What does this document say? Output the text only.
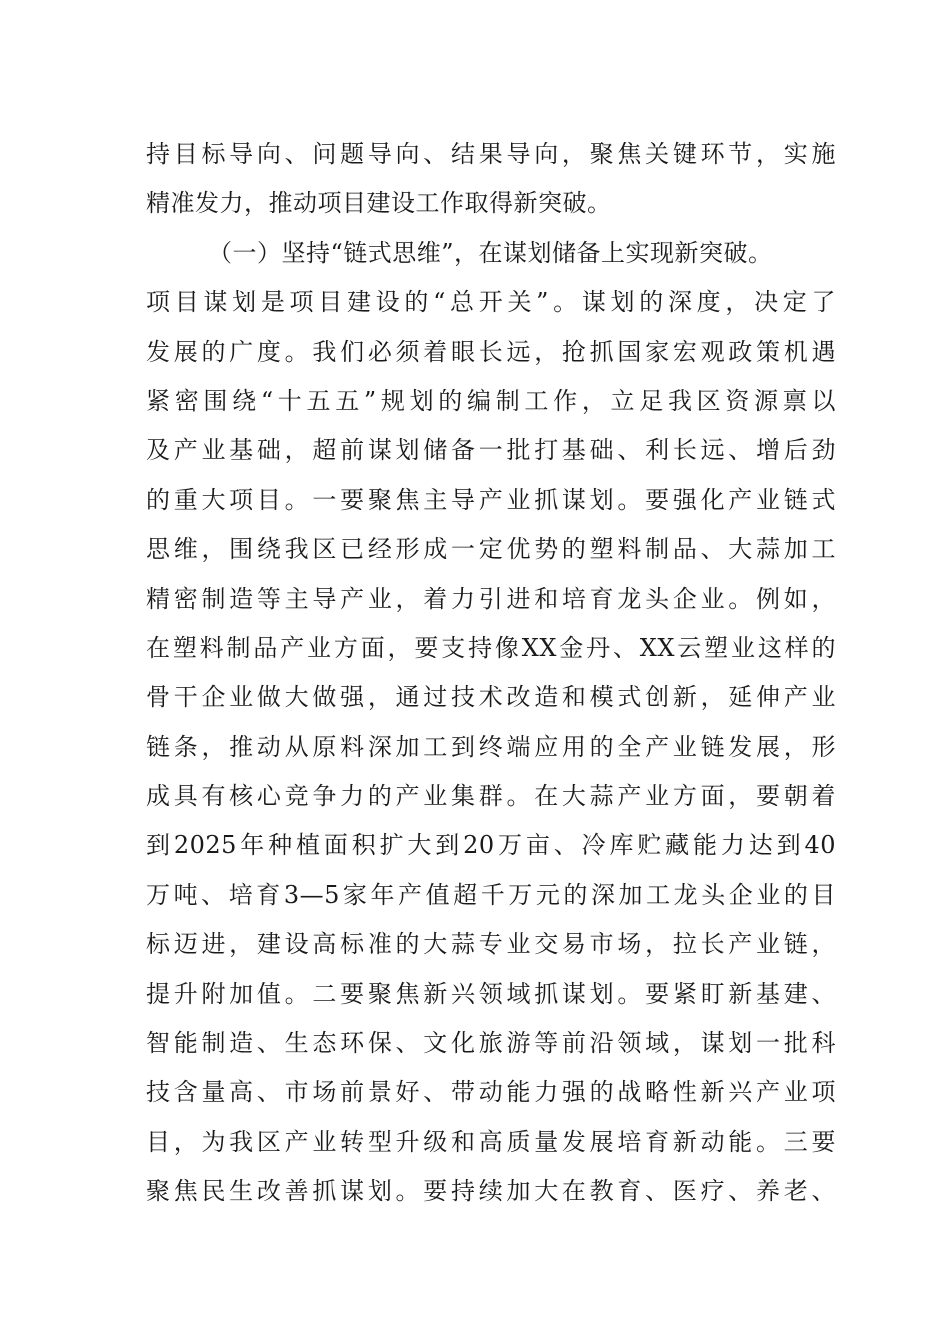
持目标导向、问题导向、结果导向，聚焦关键环节，实施
精准发力，推动项目建设工作取得新突破。
（一）坚持“链式思维”，在谋划储备上实现新突破。
项目谋划是项目建设的“总开关”。谋划的深度，决定了
发展的广度。我们必须着眼长远，抢抓国家宏观政策机遇
紧密围绕“十五五”规划的编制工作，立足我区资源禀以
及产业基础，超前谋划储备一批打基础、利长远、增后劲
的重大项目。一要聚焦主导产业抓谋划。要强化产业链式
思维，围绕我区已经形成一定优势的塑料制品、大蒜加工
精密制造等主导产业，着力引进和培育龙头企业。例如，
在塑料制品产业方面，要支持像XX金丹、XX云塑业这样的
骨干企业做大做强，通过技术改造和模式创新，延伸产业
链条，推动从原料深加工到终端应用的全产业链发展，形
成具有核心竞争力的产业集群。在大蒜产业方面，要朝着
到2025年种植面积扩大到20万亩、冷库贮藏能力达到40
万吨、培育3—5家年产值超千万元的深加工龙头企业的目
标迈进，建设高标准的大蒜专业交易市场，拉长产业链，
提升附加值。二要聚焦新兴领域抓谋划。要紧盯新基建、
智能制造、生态环保、文化旅游等前沿领域，谋划一批科
技含量高、市场前景好、带动能力强的战略性新兴产业项
目，为我区产业转型升级和高质量发展培育新动能。三要
聚焦民生改善抓谋划。要持续加大在教育、医疗、养老、
